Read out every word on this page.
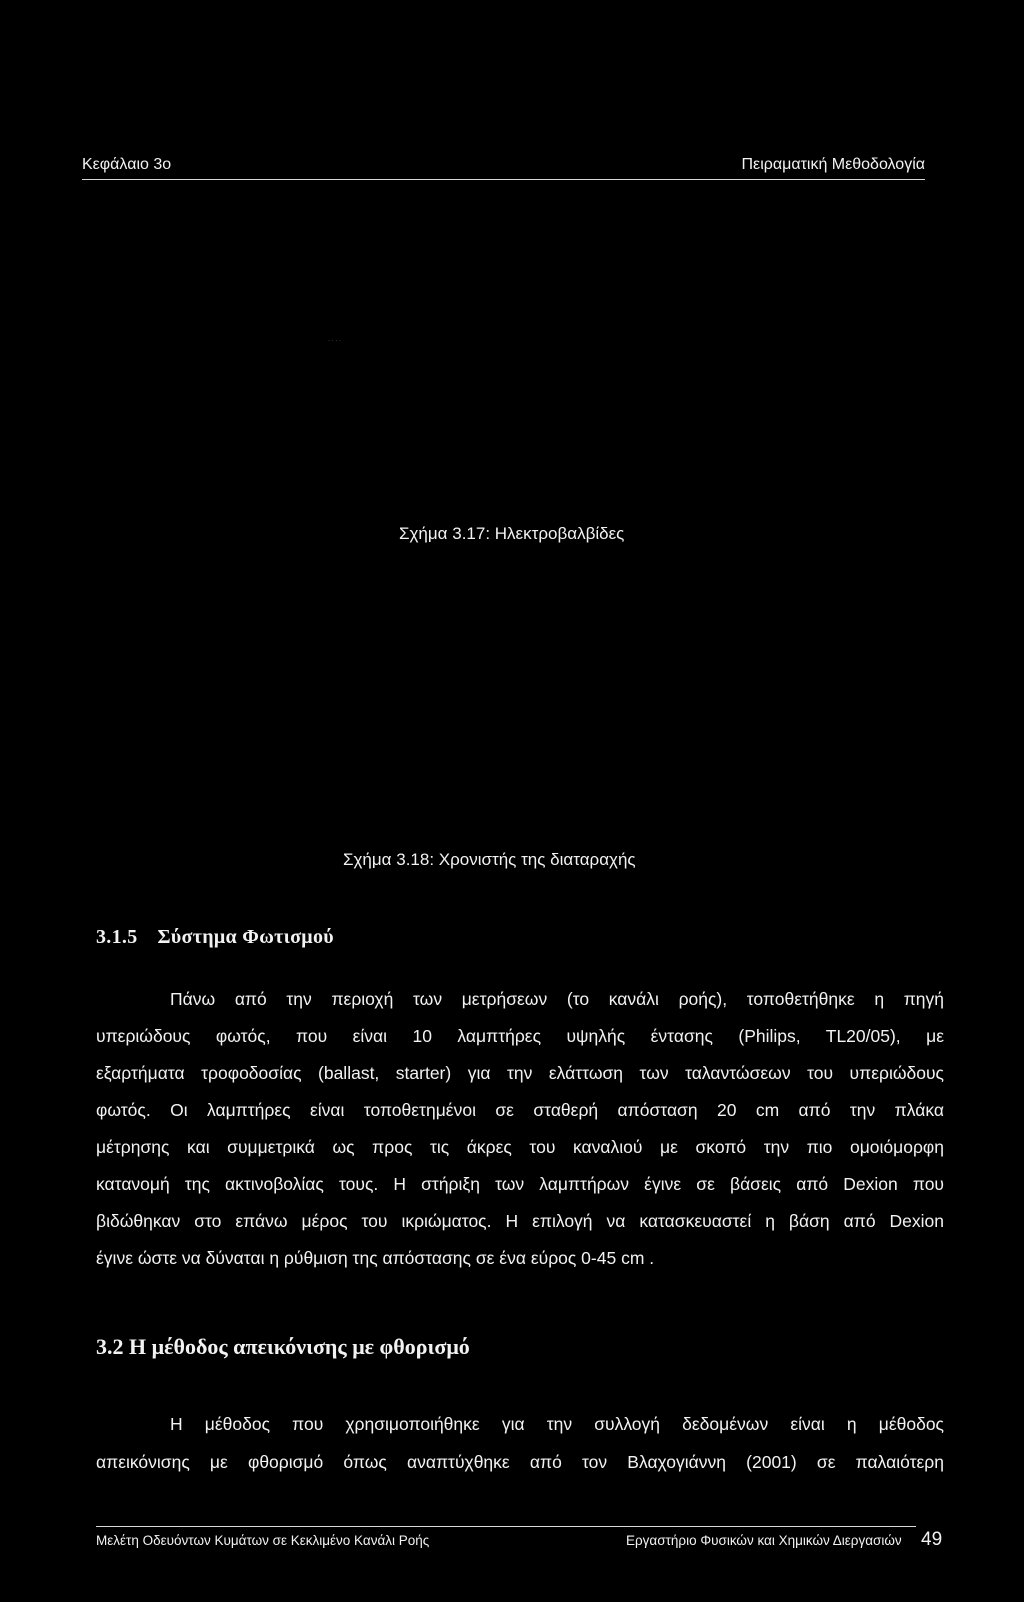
Κεφάλαιο 3ο	Πειραματική Μεθοδολογία
· · · ·
Σχήμα 3.17: Ηλεκτροβαλβίδες
Σχήμα 3.18: Χρονιστής της διαταραχής
3.1.5 Σύστημα Φωτισμού
Πάνω από την περιοχή των μετρήσεων (το κανάλι ροής), τοποθετήθηκε η πηγή
υπεριώδους φωτός, που είναι 10 λαμπτήρες υψηλής έντασης (Philips, TL20/05), με
εξαρτήματα τροφοδοσίας (ballast, starter) για την ελάττωση των ταλαντώσεων του υπεριώδους
φωτός. Οι λαμπτήρες είναι τοποθετημένοι σε σταθερή απόσταση 20 cm από την πλάκα
μέτρησης και συμμετρικά ως προς τις άκρες του καναλιού με σκοπό την πιο ομοιόμορφη
κατανομή της ακτινοβολίας τους. Η στήριξη των λαμπτήρων έγινε σε βάσεις από Dexion που
βιδώθηκαν στο επάνω μέρος του ικριώματος. Η επιλογή να κατασκευαστεί η βάση από Dexion
έγινε ώστε να δύναται η ρύθμιση της απόστασης σε ένα εύρος 0-45 cm .
3.2 Η μέθοδος απεικόνισης με φθορισμό
Η μέθοδος που χρησιμοποιήθηκε για την συλλογή δεδομένων είναι η μέθοδος
απεικόνισης με φθορισμό όπως αναπτύχθηκε από τον Βλαχογιάννη (2001) σε παλαιότερη
Μελέτη Οδευόντων Κυμάτων σε Κεκλιμένο Κανάλι Ροής	Εργαστήριο Φυσικών και Χημικών Διεργασιών 49
